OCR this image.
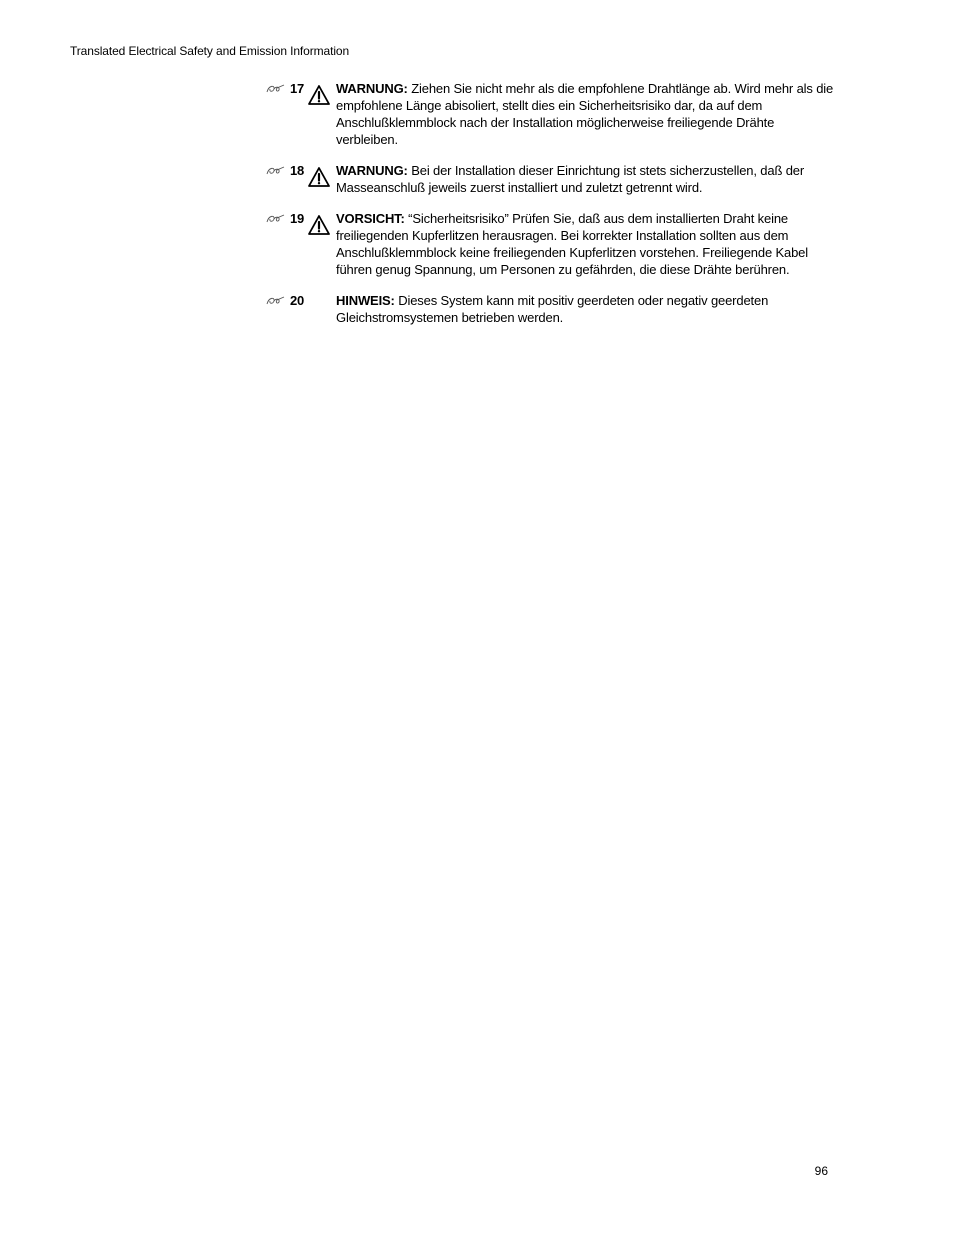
Translated Electrical Safety and Emission Information
17 WARNUNG: Ziehen Sie nicht mehr als die empfohlene Drahtlänge ab. Wird mehr als die empfohlene Länge abisoliert, stellt dies ein Sicherheitsrisiko dar, da auf dem Anschlußklemmblock nach der Installation möglicherweise freiliegende Drähte verbleiben.
18 WARNUNG: Bei der Installation dieser Einrichtung ist stets sicherzustellen, daß der Masseanschluß jeweils zuerst installiert und zuletzt getrennt wird.
19 VORSICHT: “Sicherheitsrisiko” Prüfen Sie, daß aus dem installierten Draht keine freiliegenden Kupferlitzen herausragen. Bei korrekter Installation sollten aus dem Anschlußklemmblock keine freiliegenden Kupferlitzen vorstehen. Freiliegende Kabel führen genug Spannung, um Personen zu gefährden, die diese Drähte berühren.
20 HINWEIS: Dieses System kann mit positiv geerdeten oder negativ geerdeten Gleichstromsystemen betrieben werden.
96
